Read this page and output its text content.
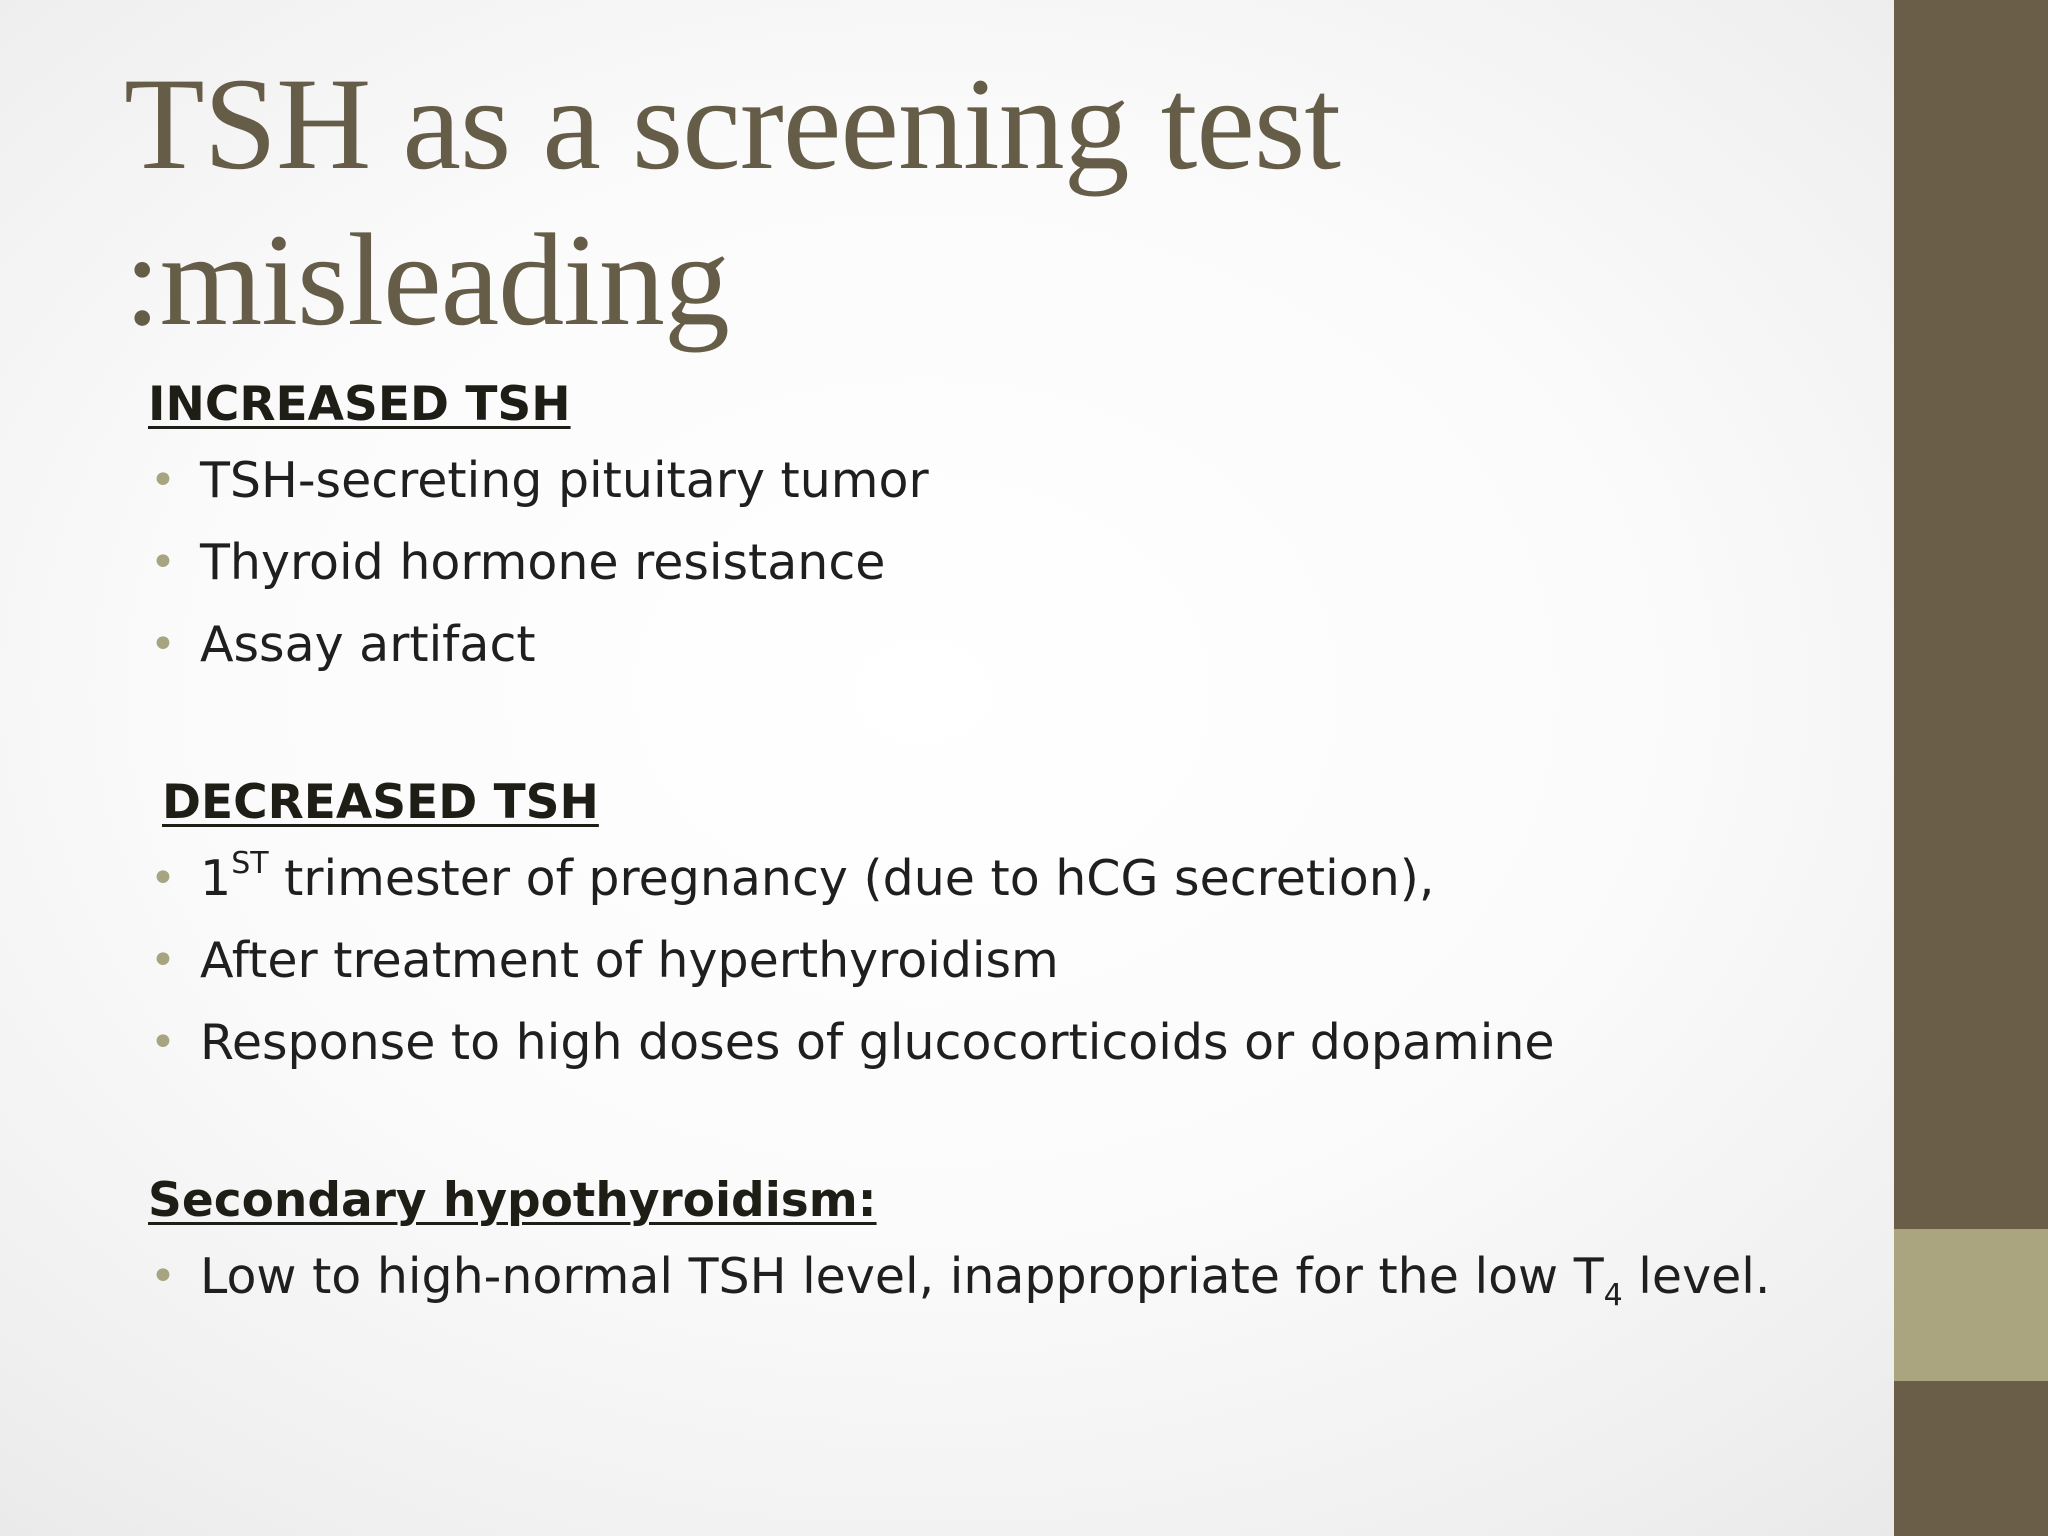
TSH as a screening test
:misleading

INCREASED TSH

• TSH-secreting pituitary tumor
• Thyroid hormone resistance
• Assay artifact

DECREASED TSH

• 1ST trimester of pregnancy (due to hCG secretion),
• After treatment of hyperthyroidism
• Response to high doses of glucocorticoids or dopamine

Secondary hypothyroidism:

• Low to high-normal TSH level, inappropriate for the low $T_4$ level.
